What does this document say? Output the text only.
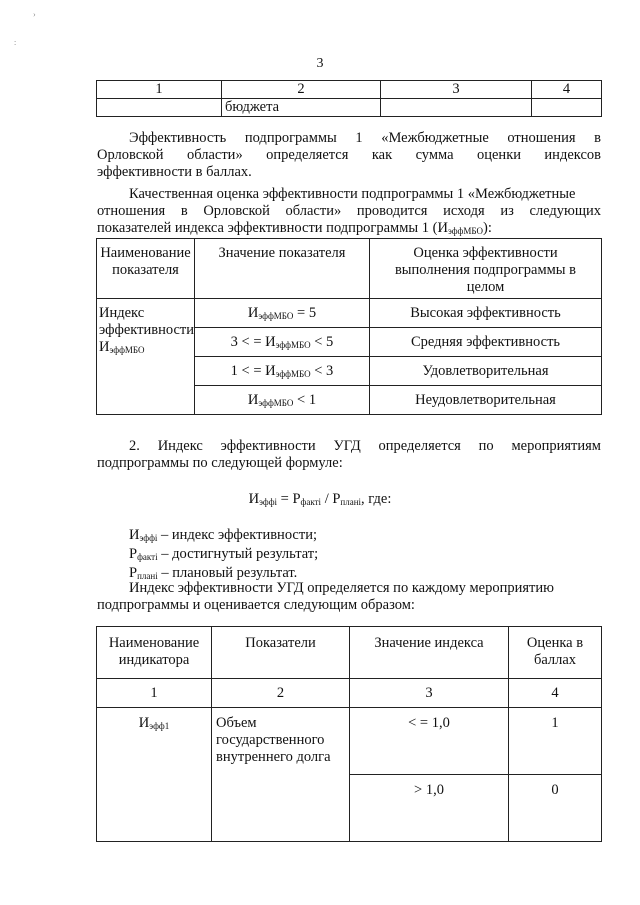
›
:
3
1	2	3	4
	бюджета		
Эффективность подпрограммы 1 «Межбюджетные отношения в
Орловской области» определяется как сумма оценки индексов
эффективности в баллах.
Качественная оценка эффективности подпрограммы 1 «Межбюджетные
отношения в Орловской области» проводится исходя из следующих
показателей индекса эффективности подпрограммы 1 $(И_{эффМБО})$:
Наименование показателя	Значение показателя	Оценка эффективности выполнения подпрограммы в целом

Индекс
эффективности
$И_{эффМБО}$	$И_{эффМБО} = 5$	Высокая эффективность
	3 < = $И_{эффМБО} < 5$	Средняя эффективность
	1 < = $И_{эффМБО} < 3$	Удовлетворительная
	$И_{эффМБО} < 1$	Неудовлетворительная
2. Индекс эффективности УГД определяется по мероприятиям
подпрограммы по следующей формуле:
$И_{эффi} = Р_{фактi} / Р_{планi}$, где:
$И_{эффi}$ – индекс эффективности;
$Р_{фактi}$ – достигнутый результат;
$Р_{планi}$ – плановый результат.
Индекс эффективности УГД определяется по каждому мероприятию
подпрограммы и оценивается следующим образом:
Наименование индикатора	Показатели	Значение индекса	Оценка в баллах
1	2	3	4
$И_{эфф1}$	Объем государственного внутреннего долга	< = 1,0	1
		> 1,0	0
